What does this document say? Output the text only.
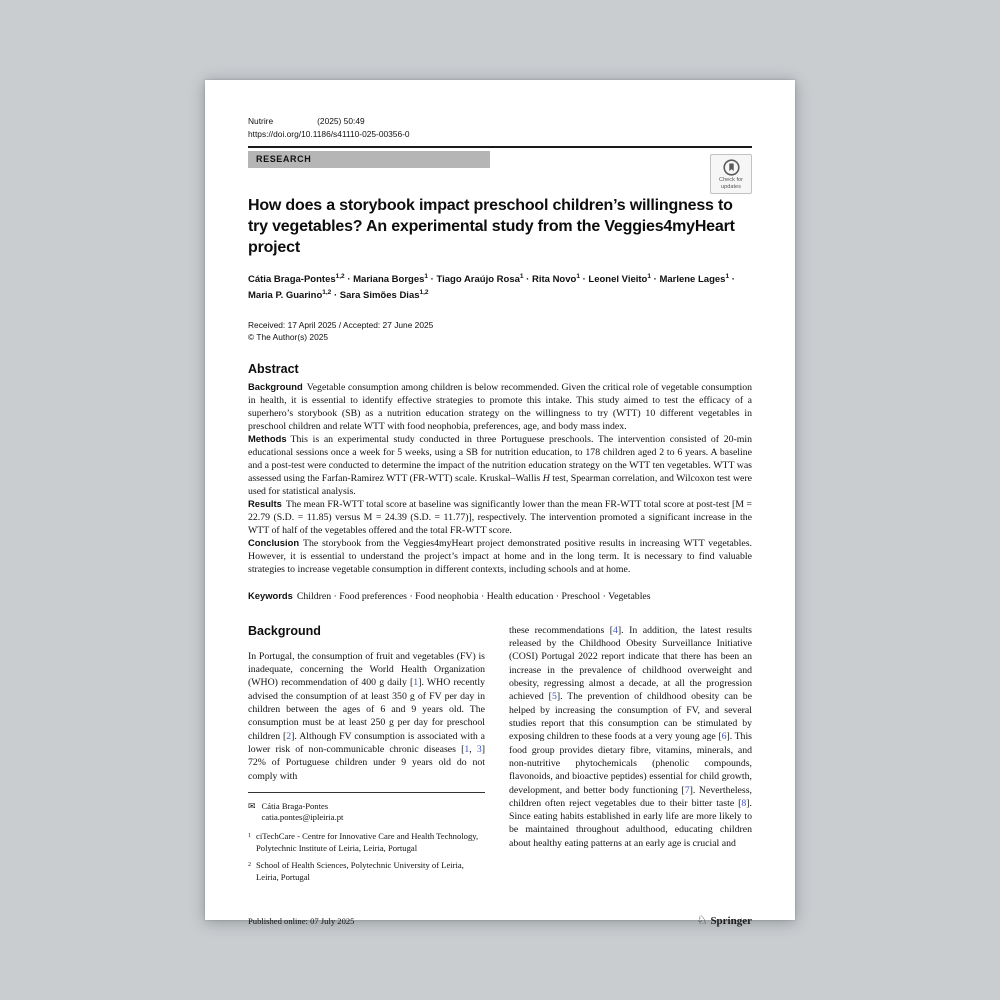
Nutrire	(2025) 50:49
https://doi.org/10.1186/s41110-025-00356-0
RESEARCH
Check for
updates
How does a storybook impact preschool children’s willingness to try vegetables? An experimental study from the Veggies4myHeart project
Cátia Braga-Pontes$^{1,2}$ · Mariana Borges$^1$ · Tiago Araújo Rosa$^1$ · Rita Novo$^1$ · Leonel Vieito$^1$ · Marlene Lages$^1$ · Maria P. Guarino$^{1,2}$ · Sara Simões Dias$^{1,2}$
Received: 17 April 2025 / Accepted: 27 June 2025
© The Author(s) 2025
Abstract

Background Vegetable consumption among children is below recommended. Given the critical role of vegetable consumption in health, it is essential to identify effective strategies to promote this intake. This study aimed to test the efficacy of a superhero’s storybook (SB) as a nutrition education strategy on the willingness to try (WTT) 10 different vegetables in preschool children and relate WTT with food neophobia, preferences, age, and body mass index.

Methods This is an experimental study conducted in three Portuguese preschools. The intervention consisted of 20-min educational sessions once a week for 5 weeks, using a SB for nutrition education, to 178 children aged 2 to 6 years. A baseline and a post-test were conducted to determine the impact of the nutrition education strategy on the WTT ten vegetables. WTT was assessed using the Farfan-Ramirez WTT (FR-WTT) scale. Kruskal–Wallis H test, Spearman correlation, and Wilcoxon test were used for statistical analysis.

Results The mean FR-WTT total score at baseline was significantly lower than the mean FR-WTT total score at post-test [M = 22.79 (S.D. = 11.85) versus M = 24.39 (S.D. = 11.77)], respectively. The intervention promoted a significant increase in the WTT of half of the vegetables offered and the total FR-WTT score.

Conclusion The storybook from the Veggies4myHeart project demonstrated positive results in increasing WTT vegetables. However, it is essential to understand the project’s impact at home and in the long term. It is necessary to find valuable strategies to increase vegetable consumption in different contexts, including schools and at home.

Keywords Children · Food preferences · Food neophobia · Health education · Preschool · Vegetables
Background

In Portugal, the consumption of fruit and vegetables (FV) is inadequate, concerning the World Health Organization (WHO) recommendation of 400 g daily [1]. WHO recently advised the consumption of at least 350 g of FV per day in children between the ages of 6 and 9 years old. The consumption must be at least 250 g per day for preschool children [2]. Although FV consumption is associated with a lower risk of non-communicable chronic diseases [1, 3] 72% of Portuguese children under 9 years old do not comply with

✉ Cátia Braga-Pontes
catia.pontes@ipleiria.pt
1 ciTechCare - Centre for Innovative Care and Health Technology, Polytechnic Institute of Leiria, Leiria, Portugal
2 School of Health Sciences, Polytechnic University of Leiria, Leiria, Portugal

these recommendations [4]. In addition, the latest results released by the Childhood Obesity Surveillance Initiative (COSI) Portugal 2022 report indicate that there has been an increase in the prevalence of childhood overweight and obesity, regressing almost a decade, at all the progression achieved [5]. The prevention of childhood obesity can be helped by increasing the consumption of FV, and several studies report that this consumption can be stimulated by exposing children to these foods at a very young age [6]. This food group provides dietary fibre, vitamins, minerals, and non-nutritive phytochemicals (phenolic compounds, flavonoids, and bioactive peptides) essential for child growth, development, and better body functioning [7]. Nevertheless, children often reject vegetables due to their bitter taste [8]. Since eating habits established in early life are more likely to be maintained throughout adulthood, educating children about healthy eating patterns at an early age is crucial and

Published online: 07 July 2025	♘ Springer
